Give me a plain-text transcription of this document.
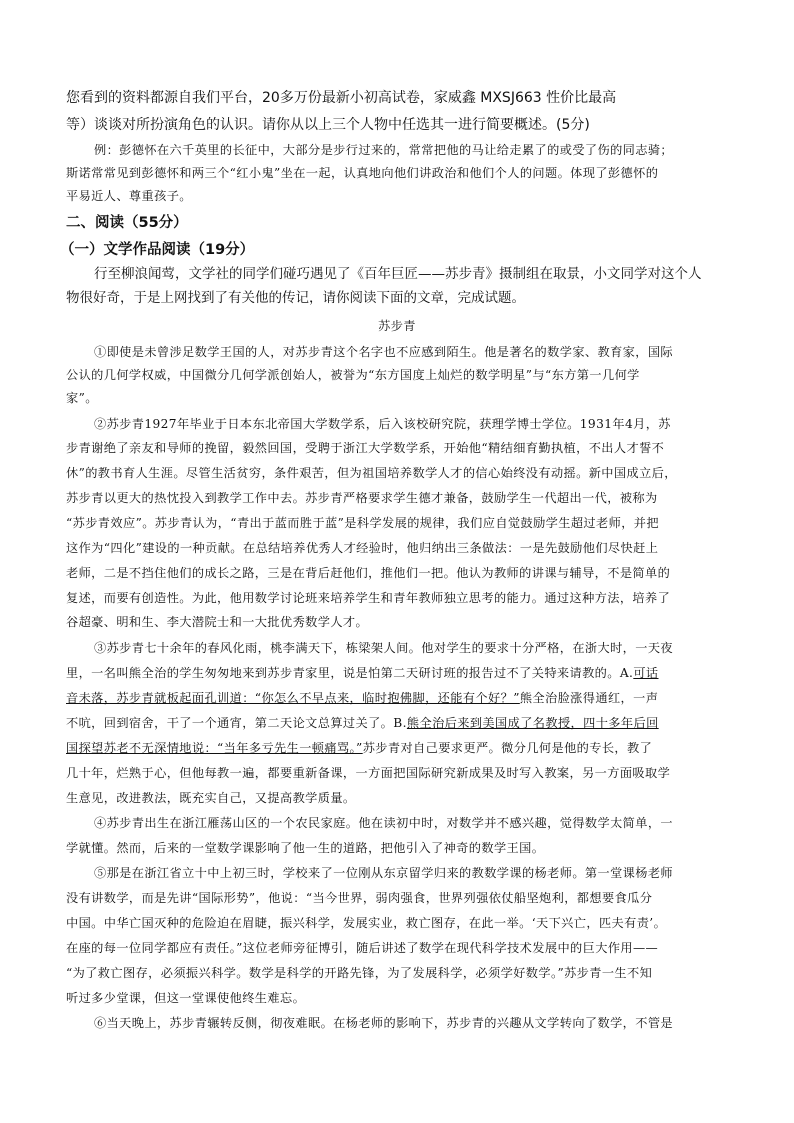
您看到的资料都源自我们平台，20多万份最新小初高试卷，家威鑫 MXSJ663 性价比最高
等）谈谈对所扮演角色的认识。请你从以上三个人物中任选其一进行简要概述。(5分)
例：彭德怀在六千英里的长征中，大部分是步行过来的，常常把他的马让给走累了的或受了伤的同志骑；
斯诺常常见到彭德怀和两三个“红小鬼”坐在一起，认真地向他们讲政治和他们个人的问题。体现了彭德怀的
平易近人、尊重孩子。
二、阅读（55分）
（一）文学作品阅读（19分）
行至柳浪闻莺，文学社的同学们碰巧遇见了《百年巨匠——苏步青》摄制组在取景，小文同学对这个人
物很好奇，于是上网找到了有关他的传记，请你阅读下面的文章，完成试题。
苏步青
①即使是未曾涉足数学王国的人，对苏步青这个名字也不应感到陌生。他是著名的数学家、教育家，国际
公认的几何学权威，中国微分几何学派创始人，被誉为“东方国度上灿烂的数学明星”与“东方第一几何学
家”。
②苏步青1927年毕业于日本东北帝国大学数学系，后入该校研究院，获理学博士学位。1931年4月，苏
步青谢绝了亲友和导师的挽留，毅然回国，受聘于浙江大学数学系，开始他“精结细育勤执植，不出人才誓不
休”的教书育人生涯。尽管生活贫穷，条件艰苦，但为祖国培养数学人才的信心始终没有动摇。新中国成立后，
苏步青以更大的热忱投入到教学工作中去。苏步青严格要求学生德才兼备，鼓励学生一代超出一代，被称为
“苏步青效应”。苏步青认为，“青出于蓝而胜于蓝”是科学发展的规律，我们应自觉鼓励学生超过老师，并把
这作为“四化”建设的一种贡献。在总结培养优秀人才经验时，他归纳出三条做法：一是先鼓励他们尽快赶上
老师，二是不挡住他们的成长之路，三是在背后赶他们，推他们一把。他认为教师的讲课与辅导，不是简单的
复述，而要有创造性。为此，他用数学讨论班来培养学生和青年教师独立思考的能力。通过这种方法，培养了
谷超豪、明和生、李大潜院士和一大批优秀数学人才。
③苏步青七十余年的春风化雨，桃李满天下，栋梁架人间。他对学生的要求十分严格，在浙大时，一天夜
里，一名叫熊全治的学生匆匆地来到苏步青家里，说是怕第二天研讨班的报告过不了关特来请教的。A.可话
音未落，苏步青就板起面孔训道：“你怎么不早点来，临时抱佛脚，还能有个好？”熊全治脸涨得通红，一声
不吭，回到宿舍，干了一个通宵，第二天论文总算过关了。B.熊全治后来到美国成了名教授，四十多年后回
国探望苏老不无深情地说：“当年多亏先生一顿痛骂。”苏步青对自己要求更严。微分几何是他的专长，教了
几十年，烂熟于心，但他每教一遍，都要重新备课，一方面把国际研究新成果及时写入教案，另一方面吸取学
生意见，改进教法，既充实自己，又提高教学质量。
④苏步青出生在浙江雁荡山区的一个农民家庭。他在读初中时，对数学并不感兴趣，觉得数学太简单，一
学就懂。然而，后来的一堂数学课影响了他一生的道路，把他引入了神奇的数学王国。
⑤那是在浙江省立十中上初三时，学校来了一位刚从东京留学归来的教数学课的杨老师。第一堂课杨老师
没有讲数学，而是先讲“国际形势”，他说：“当今世界，弱肉强食，世界列强依仗船坚炮利，都想要食瓜分
中国。中华亡国灭种的危险迫在眉睫，振兴科学，发展实业，救亡图存，在此一举。‘天下兴亡，匹夫有责’。
在座的每一位同学都应有责任。”这位老师旁征博引，随后讲述了数学在现代科学技术发展中的巨大作用——
“为了救亡图存，必须振兴科学。数学是科学的开路先锋，为了发展科学，必须学好数学。”苏步青一生不知
听过多少堂课，但这一堂课使他终生难忘。
⑥当天晚上，苏步青辗转反侧，彻夜难眠。在杨老师的影响下，苏步青的兴趣从文学转向了数学，不管是
